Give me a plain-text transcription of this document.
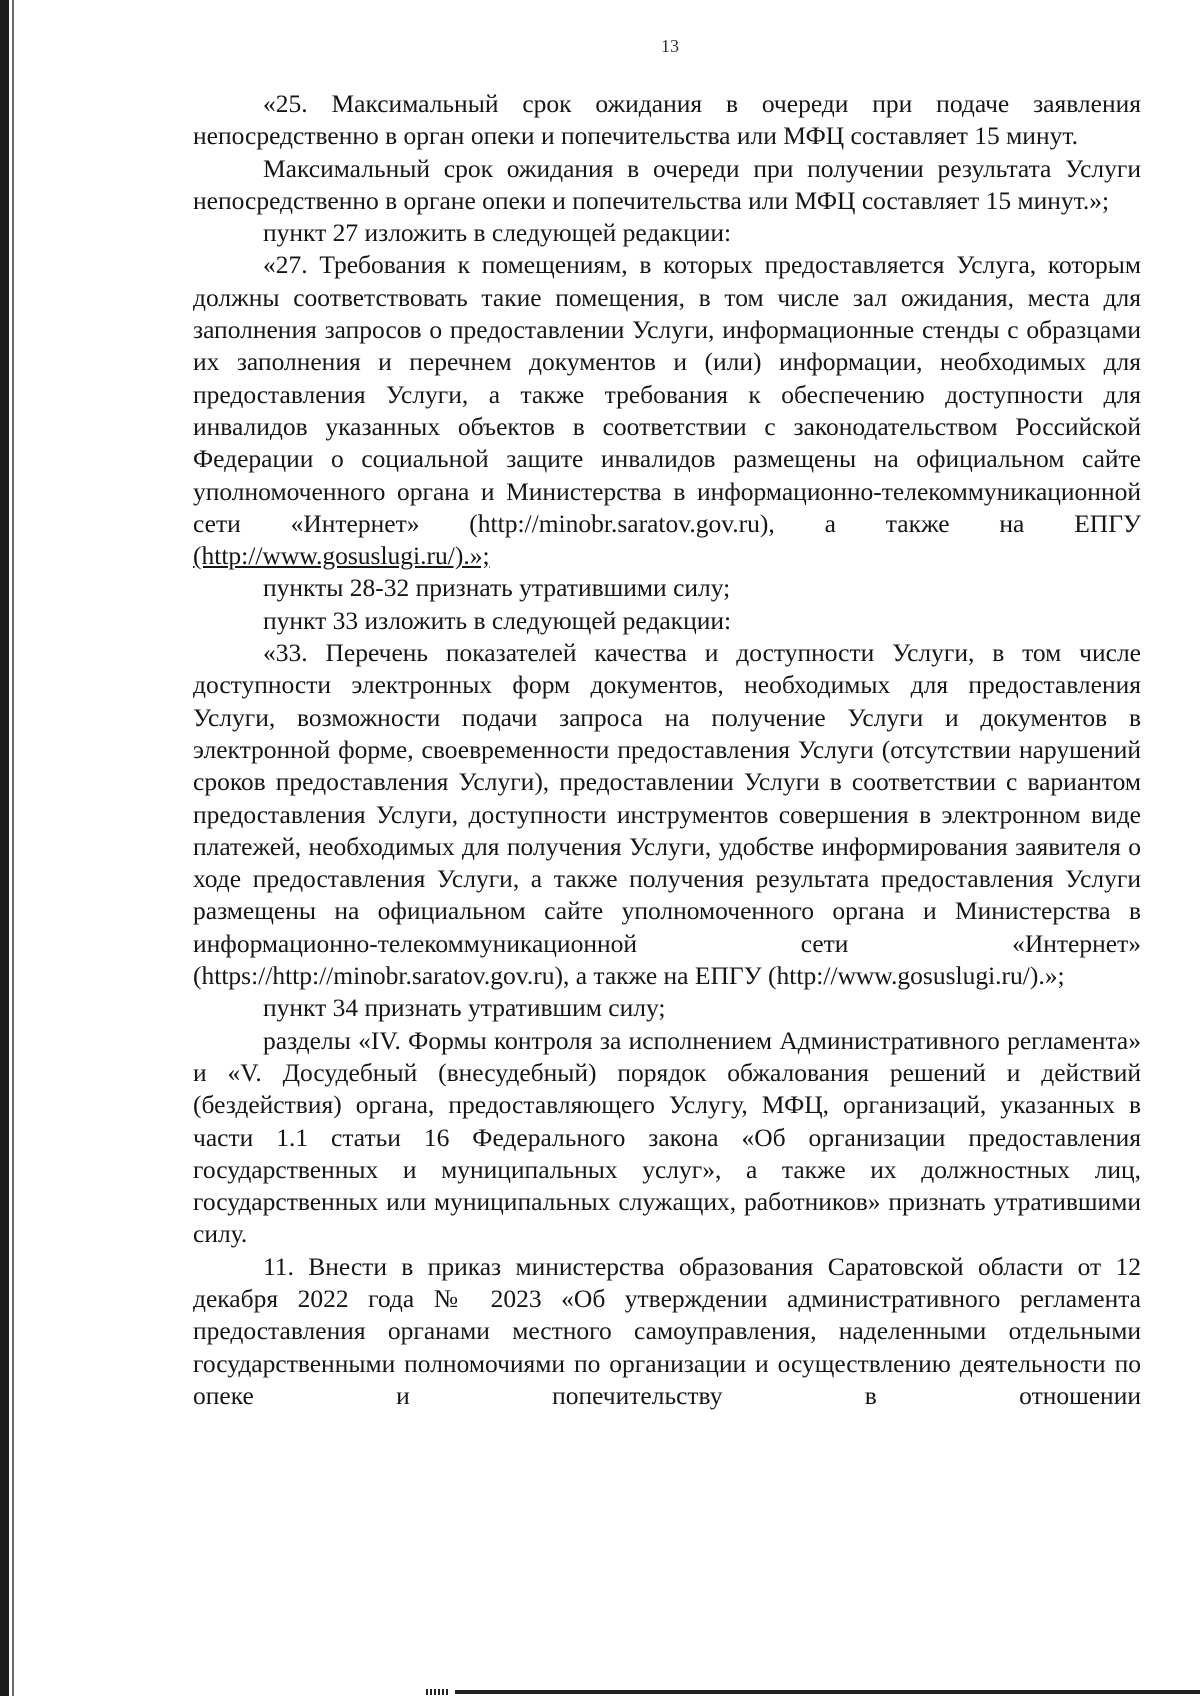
13

«25. Максимальный срок ожидания в очереди при подаче заявления непосредственно в орган опеки и попечительства или МФЦ составляет 15 минут.

Максимальный срок ожидания в очереди при получении результата Услуги непосредственно в органе опеки и попечительства или МФЦ составляет 15 минут.»;

пункт 27 изложить в следующей редакции:

«27. Требования к помещениям, в которых предоставляется Услуга, которым должны соответствовать такие помещения, в том числе зал ожидания, места для заполнения запросов о предоставлении Услуги, информационные стенды с образцами их заполнения и перечнем документов и (или) информации, необходимых для предоставления Услуги, а также требования к обеспечению доступности для инвалидов указанных объектов в соответствии с законодательством Российской Федерации о социальной защите инвалидов размещены на официальном сайте уполномоченного органа и Министерства в информационно-телекоммуникационной сети «Интернет» (http://minobr.saratov.gov.ru), а также на ЕПГУ

(http://www.gosuslugi.ru/).»;

пункты 28-32 признать утратившими силу;

пункт 33 изложить в следующей редакции:

«33. Перечень показателей качества и доступности Услуги, в том числе доступности электронных форм документов, необходимых для предоставления Услуги, возможности подачи запроса на получение Услуги и документов в электронной форме, своевременности предоставления Услуги (отсутствии нарушений сроков предоставления Услуги), предоставлении Услуги в соответствии с вариантом предоставления Услуги, доступности инструментов совершения в электронном виде платежей, необходимых для получения Услуги, удобстве информирования заявителя о ходе предоставления Услуги, а также получения результата предоставления Услуги размещены на официальном сайте уполномоченного органа и Министерства в информационно-телекоммуникационной сети «Интернет» (https://http://minobr.saratov.gov.ru), а также на ЕПГУ (http://www.gosuslugi.ru/).»;

пункт 34 признать утратившим силу;

разделы «IV. Формы контроля за исполнением Административного регламента» и «V. Досудебный (внесудебный) порядок обжалования решений и действий (бездействия) органа, предоставляющего Услугу, МФЦ, организаций, указанных в части 1.1 статьи 16 Федерального закона «Об организации предоставления государственных и муниципальных услуг», а также их должностных лиц, государственных или муниципальных служащих, работников» признать утратившими силу.

11. Внести в приказ министерства образования Саратовской области от 12 декабря 2022 года № 2023 «Об утверждении административного регламента предоставления органами местного самоуправления, наделенными отдельными государственными полномочиями по организации и осуществлению деятельности по опеке и попечительству в отношении
